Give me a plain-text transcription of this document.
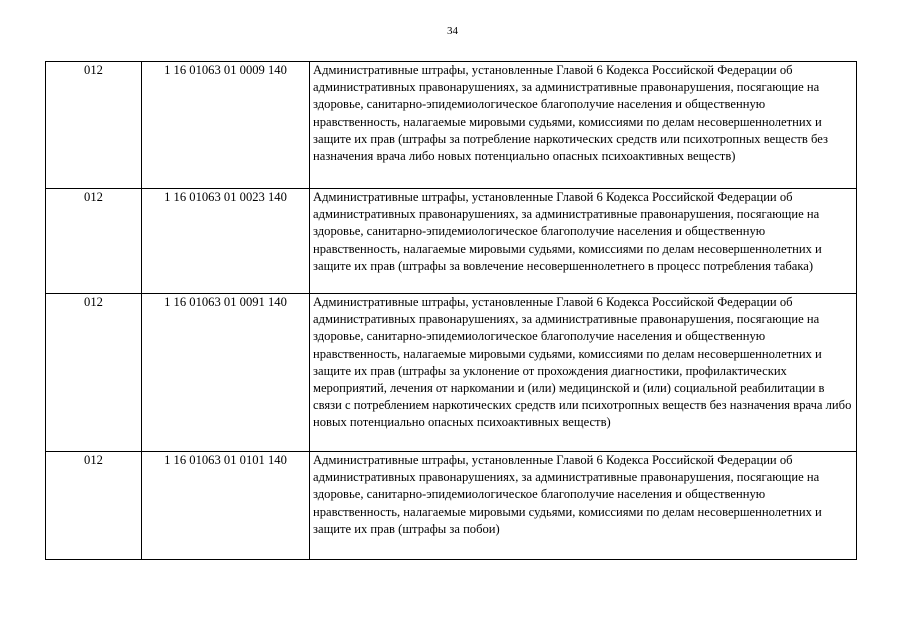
34
012	1 16 01063 01 0009 140	Административные штрафы, установленные Главой 6 Кодекса Российской Федерации об административных правонарушениях, за административные правонарушения, посягающие на здоровье, санитарно-эпидемиологическое благополучие населения и общественную нравственность, налагаемые мировыми судьями, комиссиями по делам несовершеннолетних и защите их прав (штрафы за потребление наркотических средств или психотропных веществ без назначения врача либо новых потенциально опасных психоактивных веществ)
012	1 16 01063 01 0023 140	Административные штрафы, установленные Главой 6 Кодекса Российской Федерации об административных правонарушениях, за административные правонарушения, посягающие на здоровье, санитарно-эпидемиологическое благополучие населения и общественную нравственность, налагаемые мировыми судьями, комиссиями по делам несовершеннолетних и защите их прав (штрафы за вовлечение несовершеннолетнего в процесс потребления табака)
012	1 16 01063 01 0091 140	Административные штрафы, установленные Главой 6 Кодекса Российской Федерации об административных правонарушениях, за административные правонарушения, посягающие на здоровье, санитарно-эпидемиологическое благополучие населения и общественную нравственность, налагаемые мировыми судьями, комиссиями по делам несовершеннолетних и защите их прав (штрафы за уклонение от прохождения диагностики, профилактических мероприятий, лечения от наркомании и (или) медицинской и (или) социальной реабилитации в связи с потреблением наркотических средств или психотропных веществ без назначения врача либо новых потенциально опасных психоактивных веществ)
012	1 16 01063 01 0101 140	Административные штрафы, установленные Главой 6 Кодекса Российской Федерации об административных правонарушениях, за административные правонарушения, посягающие на здоровье, санитарно-эпидемиологическое благополучие населения и общественную нравственность, налагаемые мировыми судьями, комиссиями по делам несовершеннолетних и защите их прав (штрафы за побои)
